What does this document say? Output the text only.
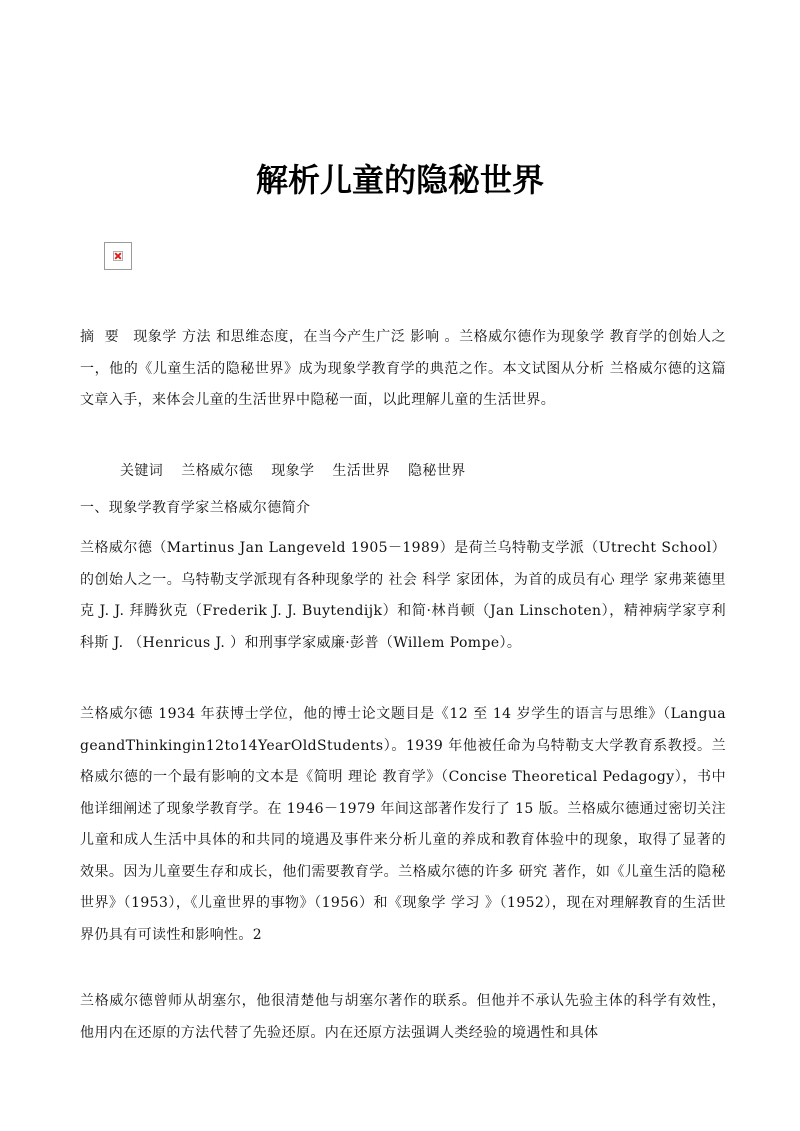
解析儿童的隐秘世界
摘  要 现象学 方法 和思维态度，在当今产生广泛 影响 。兰格威尔德作为现象学 教育学的创始人之一，他的《儿童生活的隐秘世界》成为现象学教育学的典范之作。本文试图从分析 兰格威尔德的这篇文章入手，来体会儿童的生活世界中隐秘一面，以此理解儿童的生活世界。
关键词 兰格威尔德 现象学 生活世界 隐秘世界
一、现象学教育学家兰格威尔德简介
兰格威尔德（Martinus Jan Langeveld 1905－1989）是荷兰乌特勒支学派（Utrecht School）的创始人之一。乌特勒支学派现有各种现象学的 社会 科学 家团体，为首的成员有心 理学 家弗莱德里克 J. J. 拜腾狄克（Frederik J. J. Buytendijk）和简·林肖顿（Jan Linschoten），精神病学家亨利科斯 J. （Henricus J. ）和刑事学家威廉·彭普（Willem Pompe）。
兰格威尔德 1934 年获博士学位，他的博士论文题目是《12 至 14 岁学生的语言与思维》（LanguageandThinkingin12to14YearOldStudents）。1939 年他被任命为乌特勒支大学教育系教授。兰格威尔德的一个最有影响的文本是《简明 理论 教育学》（Concise Theoretical Pedagogy），书中他详细阐述了现象学教育学。在 1946－1979 年间这部著作发行了 15 版。兰格威尔德通过密切关注儿童和成人生活中具体的和共同的境遇及事件来分析儿童的养成和教育体验中的现象，取得了显著的效果。因为儿童要生存和成长，他们需要教育学。兰格威尔德的许多 研究 著作，如《儿童生活的隐秘世界》（1953），《儿童世界的事物》（1956）和《现象学 学习 》（1952），现在对理解教育的生活世界仍具有可读性和影响性。2
兰格威尔德曾师从胡塞尔，他很清楚他与胡塞尔著作的联系。但他并不承认先验主体的科学有效性，他用内在还原的方法代替了先验还原。内在还原方法强调人类经验的境遇性和具体
